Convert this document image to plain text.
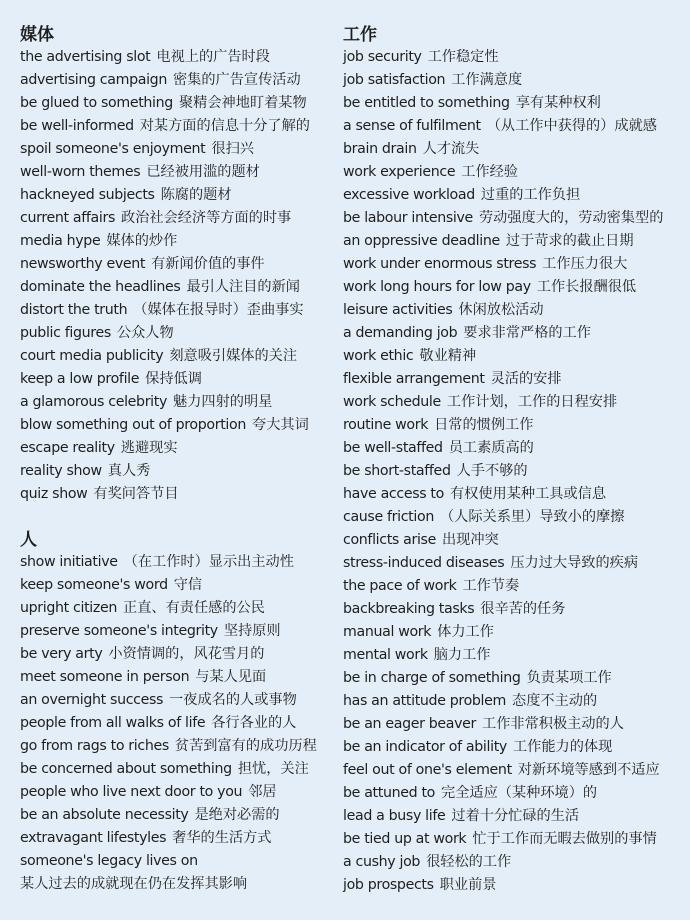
媒体
the advertising slot 电视上的广告时段
advertising campaign 密集的广告宣传活动
be glued to something 聚精会神地盯着某物
be well-informed 对某方面的信息十分了解的
spoil someone's enjoyment 很扫兴
well-worn themes 已经被用滥的题材
hackneyed subjects 陈腐的题材
current affairs 政治社会经济等方面的时事
media hype 媒体的炒作
newsworthy event 有新闻价值的事件
dominate the headlines 最引人注目的新闻
distort the truth （媒体在报导时）歪曲事实
public figures 公众人物
court media publicity 刻意吸引媒体的关注
keep a low profile 保持低调
a glamorous celebrity 魅力四射的明星
blow something out of proportion 夸大其词
escape reality 逃避现实
reality show 真人秀
quiz show 有奖问答节目
人
show initiative （在工作时）显示出主动性
keep someone's word 守信
upright citizen 正直、有责任感的公民
preserve someone's integrity 坚持原则
be very arty 小资情调的，风花雪月的
meet someone in person 与某人见面
an overnight success 一夜成名的人或事物
people from all walks of life 各行各业的人
go from rags to riches 贫苦到富有的成功历程
be concerned about something 担忧，关注
people who live next door to you 邻居
be an absolute necessity 是绝对必需的
extravagant lifestyles 奢华的生活方式
someone's legacy lives on
某人过去的成就现在仍在发挥其影响
工作
job security 工作稳定性
job satisfaction 工作满意度
be entitled to something 享有某种权利
a sense of fulfilment （从工作中获得的）成就感
brain drain 人才流失
work experience 工作经验
excessive workload 过重的工作负担
be labour intensive 劳动强度大的，劳动密集型的
an oppressive deadline 过于苛求的截止日期
work under enormous stress 工作压力很大
work long hours for low pay 工作长报酬很低
leisure activities 休闲放松活动
a demanding job 要求非常严格的工作
work ethic 敬业精神
flexible arrangement 灵活的安排
work schedule 工作计划，工作的日程安排
routine work 日常的惯例工作
be well-staffed 员工素质高的
be short-staffed 人手不够的
have access to 有权使用某种工具或信息
cause friction （人际关系里）导致小的摩擦
conflicts arise 出现冲突
stress-induced diseases 压力过大导致的疾病
the pace of work 工作节奏
backbreaking tasks 很辛苦的任务
manual work 体力工作
mental work 脑力工作
be in charge of something 负责某项工作
has an attitude problem 态度不主动的
be an eager beaver 工作非常积极主动的人
be an indicator of ability 工作能力的体现
feel out of one's element 对新环境等感到不适应
be attuned to 完全适应（某种环境）的
lead a busy life 过着十分忙碌的生活
be tied up at work 忙于工作而无暇去做别的事情
a cushy job 很轻松的工作
job prospects 职业前景
